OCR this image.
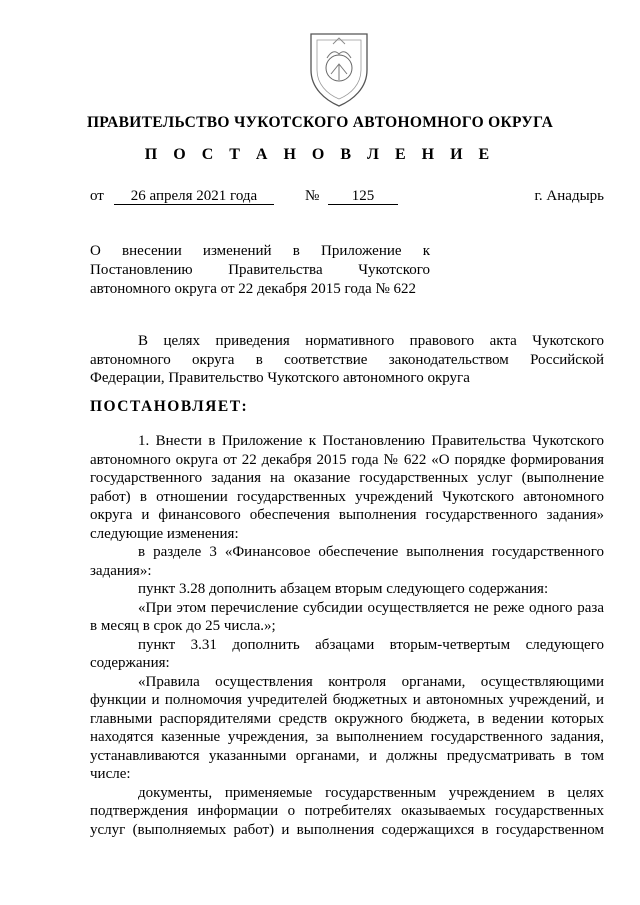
ПРАВИТЕЛЬСТВО ЧУКОТСКОГО АВТОНОМНОГО ОКРУГА
П О С Т А Н О В Л Е Н И Е
от	26 апреля 2021 года	№	125	г. Анадырь
О внесении изменений в Приложение к
Постановлению Правительства Чукотского
автономного округа от 22 декабря 2015 года № 622
В целях приведения нормативного правового акта Чукотского
автономного округа в соответствие законодательством Российской
Федерации, Правительство Чукотского автономного округа
ПОСТАНОВЛЯЕТ:
1. Внести в Приложение к Постановлению Правительства Чукотского
автономного округа от 22 декабря 2015 года № 622 «О порядке формирования
государственного задания на оказание государственных услуг (выполнение
работ) в отношении государственных учреждений Чукотского автономного
округа и финансового обеспечения выполнения государственного задания»
следующие изменения:
в разделе 3 «Финансовое обеспечение выполнения государственного
задания»:
пункт 3.28 дополнить абзацем вторым следующего содержания:
«При этом перечисление субсидии осуществляется не реже одного раза
в месяц в срок до 25 числа.»;
пункт 3.31 дополнить абзацами вторым-четвертым следующего
содержания:
«Правила осуществления контроля органами, осуществляющими
функции и полномочия учредителей бюджетных и автономных учреждений, и
главными распорядителями средств окружного бюджета, в ведении которых
находятся казенные учреждения, за выполнением государственного задания,
устанавливаются указанными органами, и должны предусматривать в том
числе:
документы, применяемые государственным учреждением в целях
подтверждения информации о потребителях оказываемых государственных
услуг (выполняемых работ) и выполнения содержащихся в государственном
